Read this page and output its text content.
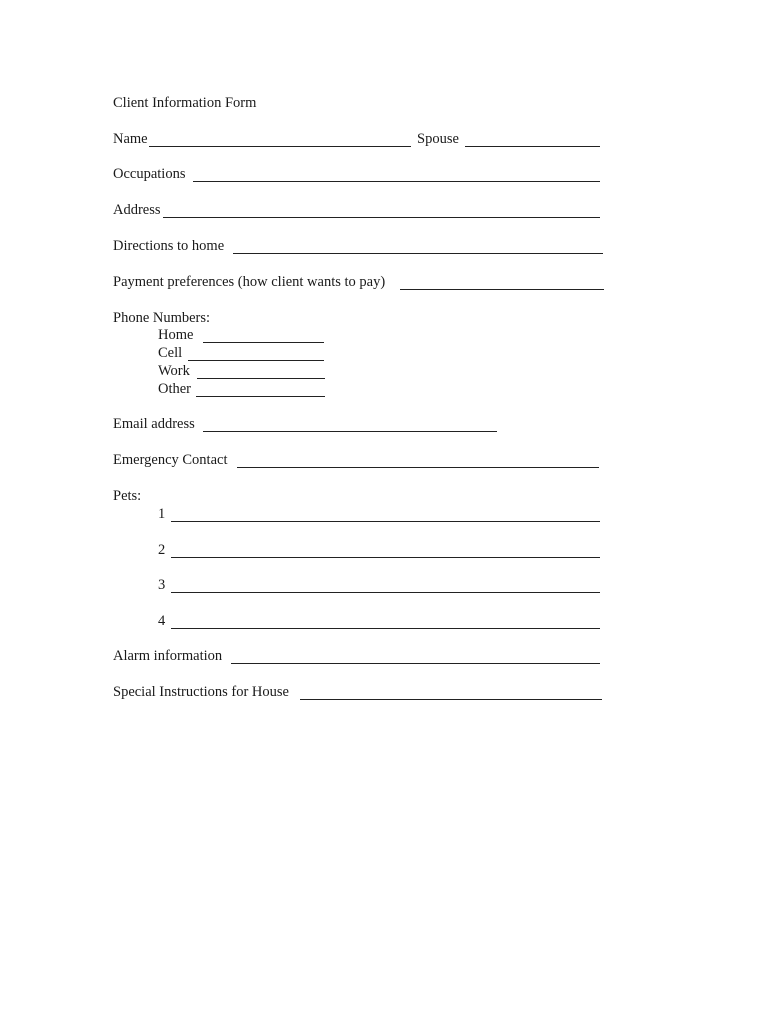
Client Information Form
Name	Spouse
Occupations
Address
Directions to home
Payment preferences (how client wants to pay)
Phone Numbers:
Home
Cell
Work
Other
Email address
Emergency Contact
Pets:
1
2
3
4
Alarm information
Special Instructions for House
